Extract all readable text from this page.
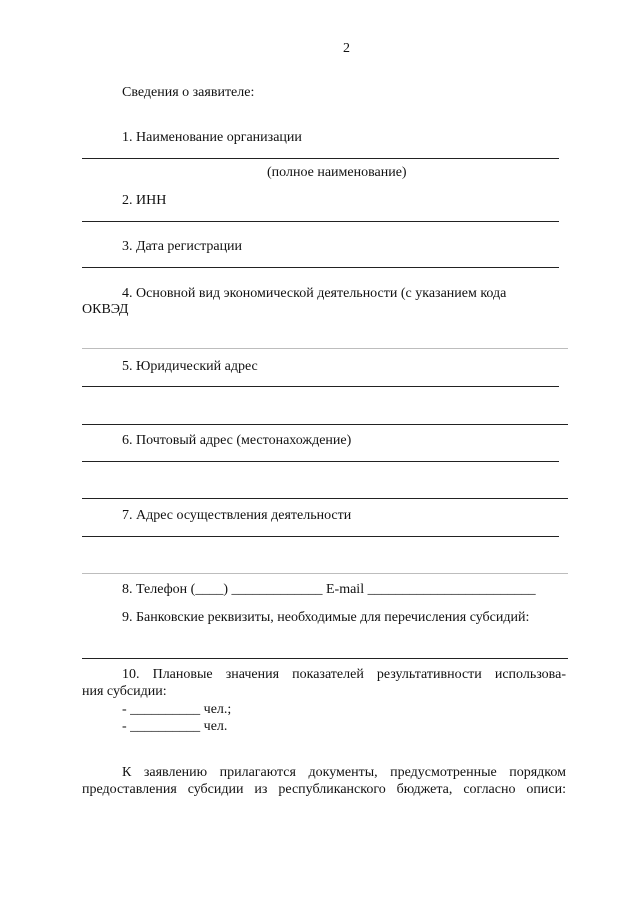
2
Сведения о заявителе:
1. Наименование организации
(полное наименование)
2. ИНН
3. Дата регистрации
4. Основной вид экономической деятельности (с указанием кода
ОКВЭД
5. Юридический адрес
6. Почтовый адрес (местонахождение)
7. Адрес осуществления деятельности
8. Телефон (____) _____________ E-mail ________________________
9. Банковские реквизиты, необходимые для перечисления субсидий:
10. Плановые значения показателей результативности использова-
ния субсидии:
- __________ чел.;
- __________ чел.
К заявлению прилагаются документы, предусмотренные порядком
предоставления субсидии из республиканского бюджета, согласно описи:
